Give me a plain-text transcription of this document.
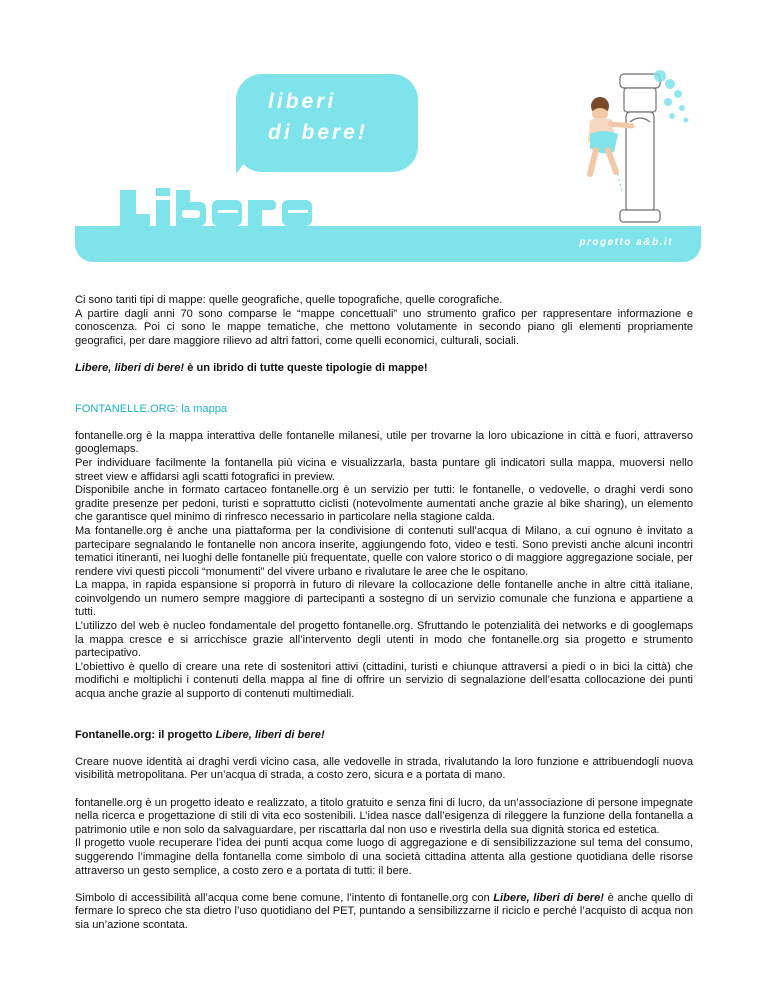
liberi
di bere!
progetto a&b.it

Ci sono tanti tipi di mappe: quelle geografiche, quelle topografiche, quelle corografiche.

A partire dagli anni 70 sono comparse le “mappe concettuali” uno strumento grafico per rappresentare informazione e conoscenza. Poi ci sono le mappe tematiche, che mettono volutamente in secondo piano gli elementi propriamente geografici, per dare maggiore rilievo ad altri fattori, come quelli economici, culturali, sociali.

Libere, liberi di bere! è un ibrido di tutte queste tipologie di mappe!

FONTANELLE.ORG: la mappa

fontanelle.org è la mappa interattiva delle fontanelle milanesi, utile per trovarne la loro ubicazione in città e fuori, attraverso googlemaps.

Per individuare facilmente la fontanella più vicina e visualizzarla, basta puntare gli indicatori sulla mappa, muoversi nello street view e affidarsi agli scatti fotografici in preview.

Disponibile anche in formato cartaceo fontanelle.org è un servizio per tutti: le fontanelle, o vedovelle, o draghi verdi sono gradite presenze per pedoni, turisti e soprattutto ciclisti (notevolmente aumentati anche grazie al bike sharing), un elemento che garantisce quel minimo di rinfresco necessario in particolare nella stagione calda.

Ma fontanelle.org è anche una piattaforma per la condivisione di contenuti sull’acqua di Milano, a cui ognuno è invitato a partecipare segnalando le fontanelle non ancora inserite, aggiungendo foto, video e testi. Sono previsti anche alcuni incontri tematici itineranti, nei luoghi delle fontanelle più frequentate, quelle con valore storico o di maggiore aggregazione sociale, per rendere vivi questi piccoli “monumenti” del vivere urbano e rivalutare le aree che le ospitano.

La mappa, in rapida espansione si proporrà in futuro di rilevare la collocazione delle fontanelle anche in altre città italiane, coinvolgendo un numero sempre maggiore di partecipanti a sostegno di un servizio comunale che funziona e appartiene a tutti.

L’utilizzo del web è nucleo fondamentale del progetto fontanelle.org. Sfruttando le potenzialità dei networks e di googlemaps la mappa cresce e si arricchisce grazie all’intervento degli utenti in modo che fontanelle.org sia progetto e strumento partecipativo.

L’obiettivo è quello di creare una rete di sostenitori attivi (cittadini, turisti e chiunque attraversi a piedi o in bici la città) che modifichi e moltiplichi i contenuti della mappa al fine di offrire un servizio di segnalazione dell’esatta collocazione dei punti acqua anche grazie al supporto di contenuti multimediali.

Fontanelle.org: il progetto Libere, liberi di bere!

Creare nuove identità ai draghi verdi vicino casa, alle vedovelle in strada, rivalutando la loro funzione e attribuendogli nuova visibilità metropolitana. Per un’acqua di strada, a costo zero, sicura e a portata di mano.

fontanelle.org è un progetto ideato e realizzato, a titolo gratuito e senza fini di lucro, da un’associazione di persone impegnate nella ricerca e progettazione di stili di vita eco sostenibili. L’idea nasce dall’esigenza di rileggere la funzione della fontanella a patrimonio utile e non solo da salvaguardare, per riscattarla dal non uso e rivestirla della sua dignità storica ed estetica.

Il progetto vuole recuperare l’idea dei punti acqua come luogo di aggregazione e di sensibilizzazione sul tema del consumo, suggerendo l’immagine della fontanella come simbolo di una società cittadina attenta alla gestione quotidiana delle risorse attraverso un gesto semplice, a costo zero e a portata di tutti: il bere.

Simbolo di accessibilità all’acqua come bene comune, l’intento di fontanelle.org con Libere, liberi di bere! è anche quello di fermare lo spreco che sta dietro l’uso quotidiano del PET, puntando a sensibilizzarne il riciclo e perché l’acquisto di acqua non sia un’azione scontata.
